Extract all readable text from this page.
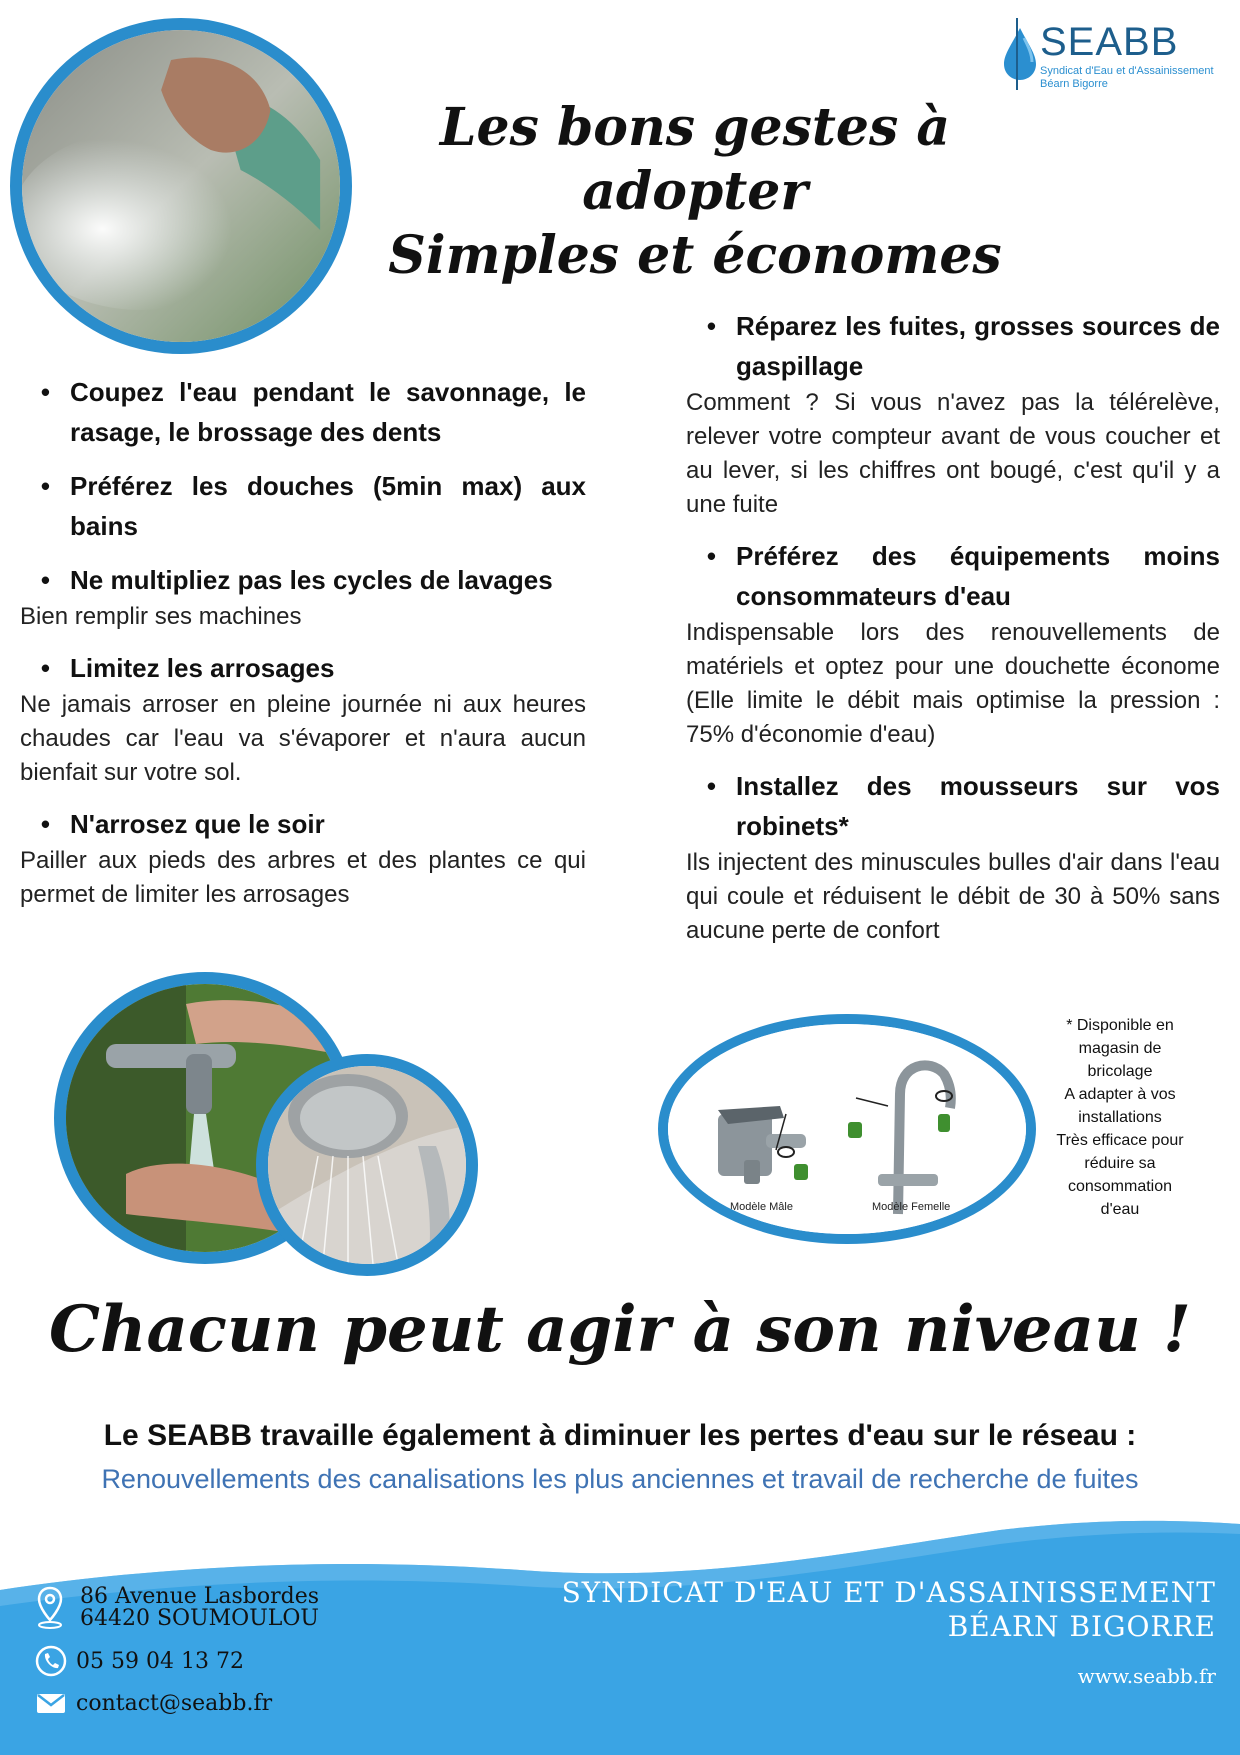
SEABB
Syndicat d'Eau et d'Assainissement
Béarn Bigorre
Les bons gestes à adopter
Simples et économes
• Coupez l'eau pendant le savonnage, le rasage, le brossage des dents
• Préférez les douches (5min max) aux bains
• Ne multipliez pas les cycles de lavages
Bien remplir ses machines
• Limitez les arrosages
Ne jamais arroser en pleine journée ni aux heures chaudes car l'eau va s'évaporer et n'aura aucun bienfait sur votre sol.
• N'arrosez que le soir
Pailler aux pieds des arbres et des plantes ce qui permet de limiter les arrosages
• Réparez les fuites, grosses sources de gaspillage
Comment ? Si vous n'avez pas la télérelève, relever votre compteur avant de vous coucher et au lever, si les chiffres ont bougé, c'est qu'il y a une fuite
• Préférez des équipements moins consommateurs d'eau
Indispensable lors des renouvellements de matériels et optez pour une douchette économe (Elle limite le débit mais optimise la pression : 75% d'économie d'eau)
• Installez des mousseurs sur vos robinets*
Ils injectent des minuscules bulles d'air dans l'eau qui coule et réduisent le débit de 30 à 50% sans aucune perte de confort
Modèle Mâle	Modèle Femelle
* Disponible en
magasin de
bricolage
A adapter à vos
installations
Très efficace pour
réduire sa
consommation
d'eau
Chacun peut agir à son niveau !
Le SEABB travaille également à diminuer les pertes d'eau sur le réseau :
Renouvellements des canalisations les plus anciennes et travail de recherche de fuites
86 Avenue Lasbordes
64420 SOUMOULOU
05 59 04 13 72
contact@seabb.fr
SYNDICAT D'EAU ET D'ASSAINISSEMENT
BÉARN BIGORRE
www.seabb.fr
